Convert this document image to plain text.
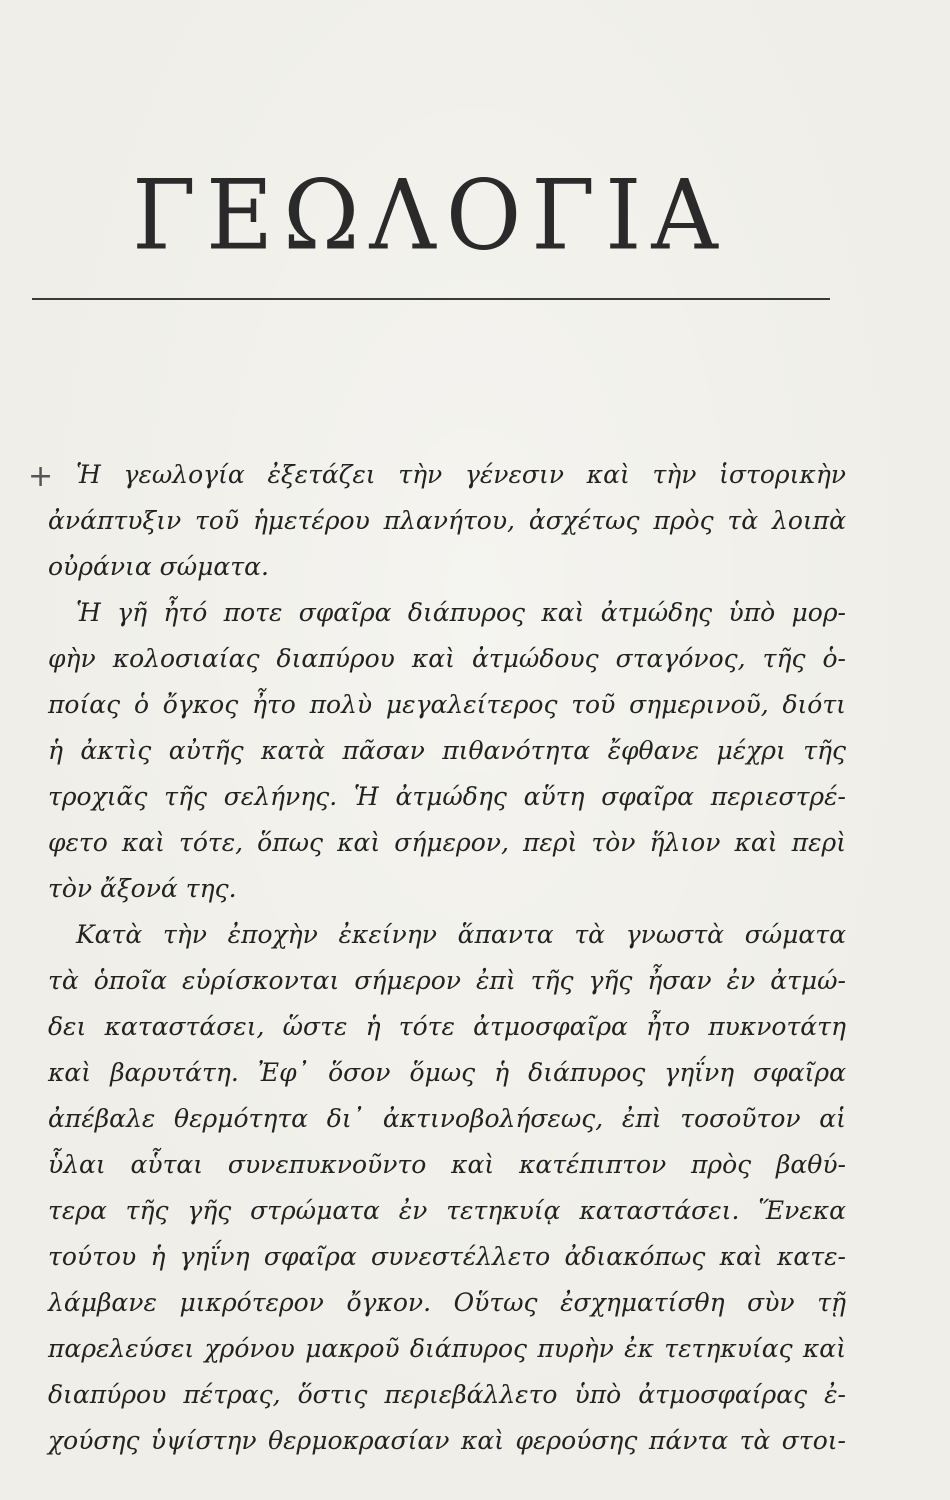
ΓΕΩΛΟΓΙΑ
+ Ἡ γεωλογία ἐξετάζει τὴν γένεσιν καὶ τὴν ἱστορικὴν
ἀνάπτυξιν τοῦ ἡμετέρου πλανήτου, ἀσχέτως πρὸς τὰ λοιπὰ
οὐράνια σώματα.
Ἡ γῆ ἦτό ποτε σφαῖρα διάπυρος καὶ ἀτμώδης ὑπὸ μορ-
φὴν κολοσιαίας διαπύρου καὶ ἀτμώδους σταγόνος, τῆς ὁ-
ποίας ὁ ὄγκος ἦτο πολὺ μεγαλείτερος τοῦ σημερινοῦ, διότι
ἡ ἀκτὶς αὐτῆς κατὰ πᾶσαν πιθανότητα ἔφθανε μέχρι τῆς
τροχιᾶς τῆς σελήνης. Ἡ ἀτμώδης αὕτη σφαῖρα περιεστρέ-
φετο καὶ τότε, ὅπως καὶ σήμερον, περὶ τὸν ἥλιον καὶ περὶ
τὸν ἄξονά της.
Κατὰ τὴν ἐποχὴν ἐκείνην ἅπαντα τὰ γνωστὰ σώματα
τὰ ὁποῖα εὑρίσκονται σήμερον ἐπὶ τῆς γῆς ἦσαν ἐν ἀτμώ-
δει καταστάσει, ὥστε ἡ τότε ἀτμοσφαῖρα ἦτο πυκνοτάτη
καὶ βαρυτάτη. Ἐφ᾽ ὅσον ὅμως ἡ διάπυρος γηΐνη σφαῖρα
ἀπέβαλε θερμότητα δι᾽ ἀκτινοβολήσεως, ἐπὶ τοσοῦτον αἱ
ὗλαι αὗται συνεπυκνοῦντο καὶ κατέπιπτον πρὸς βαθύ-
τερα τῆς γῆς στρώματα ἐν τετηκυίᾳ καταστάσει. Ἕνεκα
τούτου ἡ γηΐνη σφαῖρα συνεστέλλετο ἀδιακόπως καὶ κατε-
λάμβανε μικρότερον ὄγκον. Οὕτως ἐσχηματίσθη σὺν τῇ
παρελεύσει χρόνου μακροῦ διάπυρος πυρὴν ἐκ τετηκυίας καὶ
διαπύρου πέτρας, ὅστις περιεβάλλετο ὑπὸ ἀτμοσφαίρας ἐ-
χούσης ὑψίστην θερμοκρασίαν καὶ φερούσης πάντα τὰ στοι-
